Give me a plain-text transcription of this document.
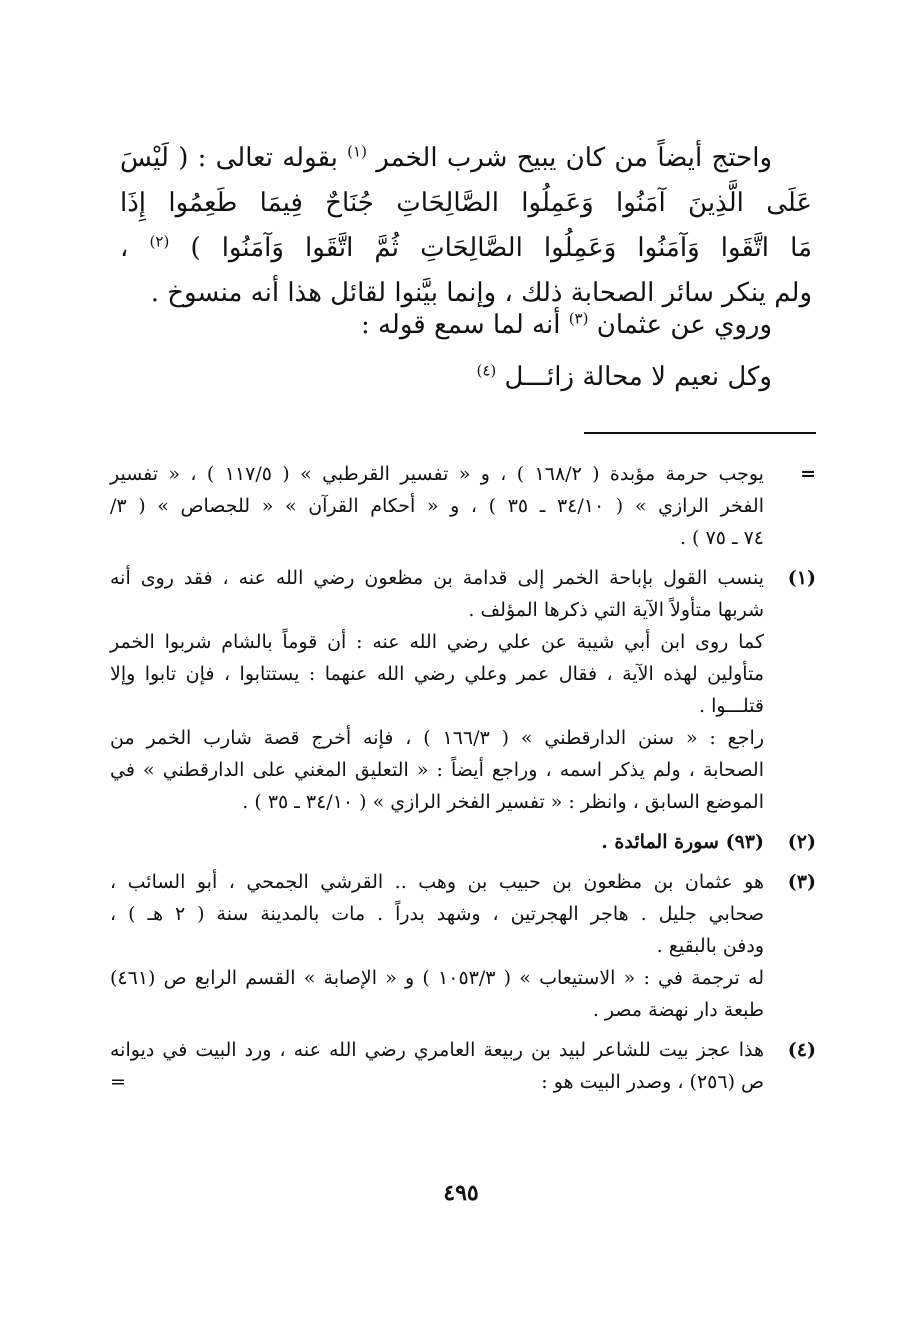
واحتج أيضاً من كان يبيح شرب الخمر $^{(١)}$ بقوله تعالى : ( لَيْسَ
عَلَى الَّذِينَ آمَنُوا وَعَمِلُوا الصَّالِحَاتِ جُنَاحٌ فِيمَا طَعِمُوا إِذَا
مَا اتَّقَوا وَآمَنُوا وَعَمِلُوا الصَّالِحَاتِ ثُمَّ اتَّقَوا وَآمَنُوا ) $^{(٢)}$ ،
ولم ينكر سائر الصحابة ذلك ، وإنما بيَّنوا لقائل هذا أنه منسوخ .
وروي عن عثمان $^{(٣)}$ أنه لما سمع قوله :
وكل نعيم لا محالة زائـــل $^{(٤)}$
=
يوجب حرمة مؤبدة ( ١٦٨/٢ ) ، و « تفسير القرطبي » ( ١١٧/٥ ) ، « تفسير
الفخر الرازي » ( ٣٤/١٠ ـ ٣٥ ) ، و « أحكام القرآن » « للجصاص » ( ٣/
٧٤ ـ ٧٥ ) .
(١)
ينسب القول بإباحة الخمر إلى قدامة بن مظعون رضي الله عنه ، فقد روى أنه
شربها متأولاً الآية التي ذكرها المؤلف .
كما روى ابن أبي شيبة عن علي رضي الله عنه : أن قوماً بالشام شربوا الخمر
متأولين لهذه الآية ، فقال عمر وعلي رضي الله عنهما : يستتابوا ، فإن تابوا وإلا
قتلـــوا .
راجع : « سنن الدارقطني » ( ١٦٦/٣ ) ، فإنه أخرج قصة شارب الخمر من
الصحابة ، ولم يذكر اسمه ، وراجع أيضاً : « التعليق المغني على الدارقطني » في
الموضع السابق ، وانظر : « تفسير الفخر الرازي » ( ٣٤/١٠ ـ ٣٥ ) .
(٢)
(٩٣) سورة المائدة .
(٣)
هو عثمان بن مظعون بن حبيب بن وهب .. القرشي الجمحي ، أبو السائب ،
صحابي جليل . هاجر الهجرتين ، وشهد بدراً . مات بالمدينة سنة ( ٢ هـ ) ،
ودفن بالبقيع .
له ترجمة في : « الاستيعاب » ( ١٠٥٣/٣ ) و « الإصابة » القسم الرابع ص (٤٦١)
طبعة دار نهضة مصر .
(٤)
هذا عجز بيت للشاعر لبيد بن ربيعة العامري رضي الله عنه ، ورد البيت في ديوانه
ص (٢٥٦) ، وصدر البيت هو :
=
٤٩٥
